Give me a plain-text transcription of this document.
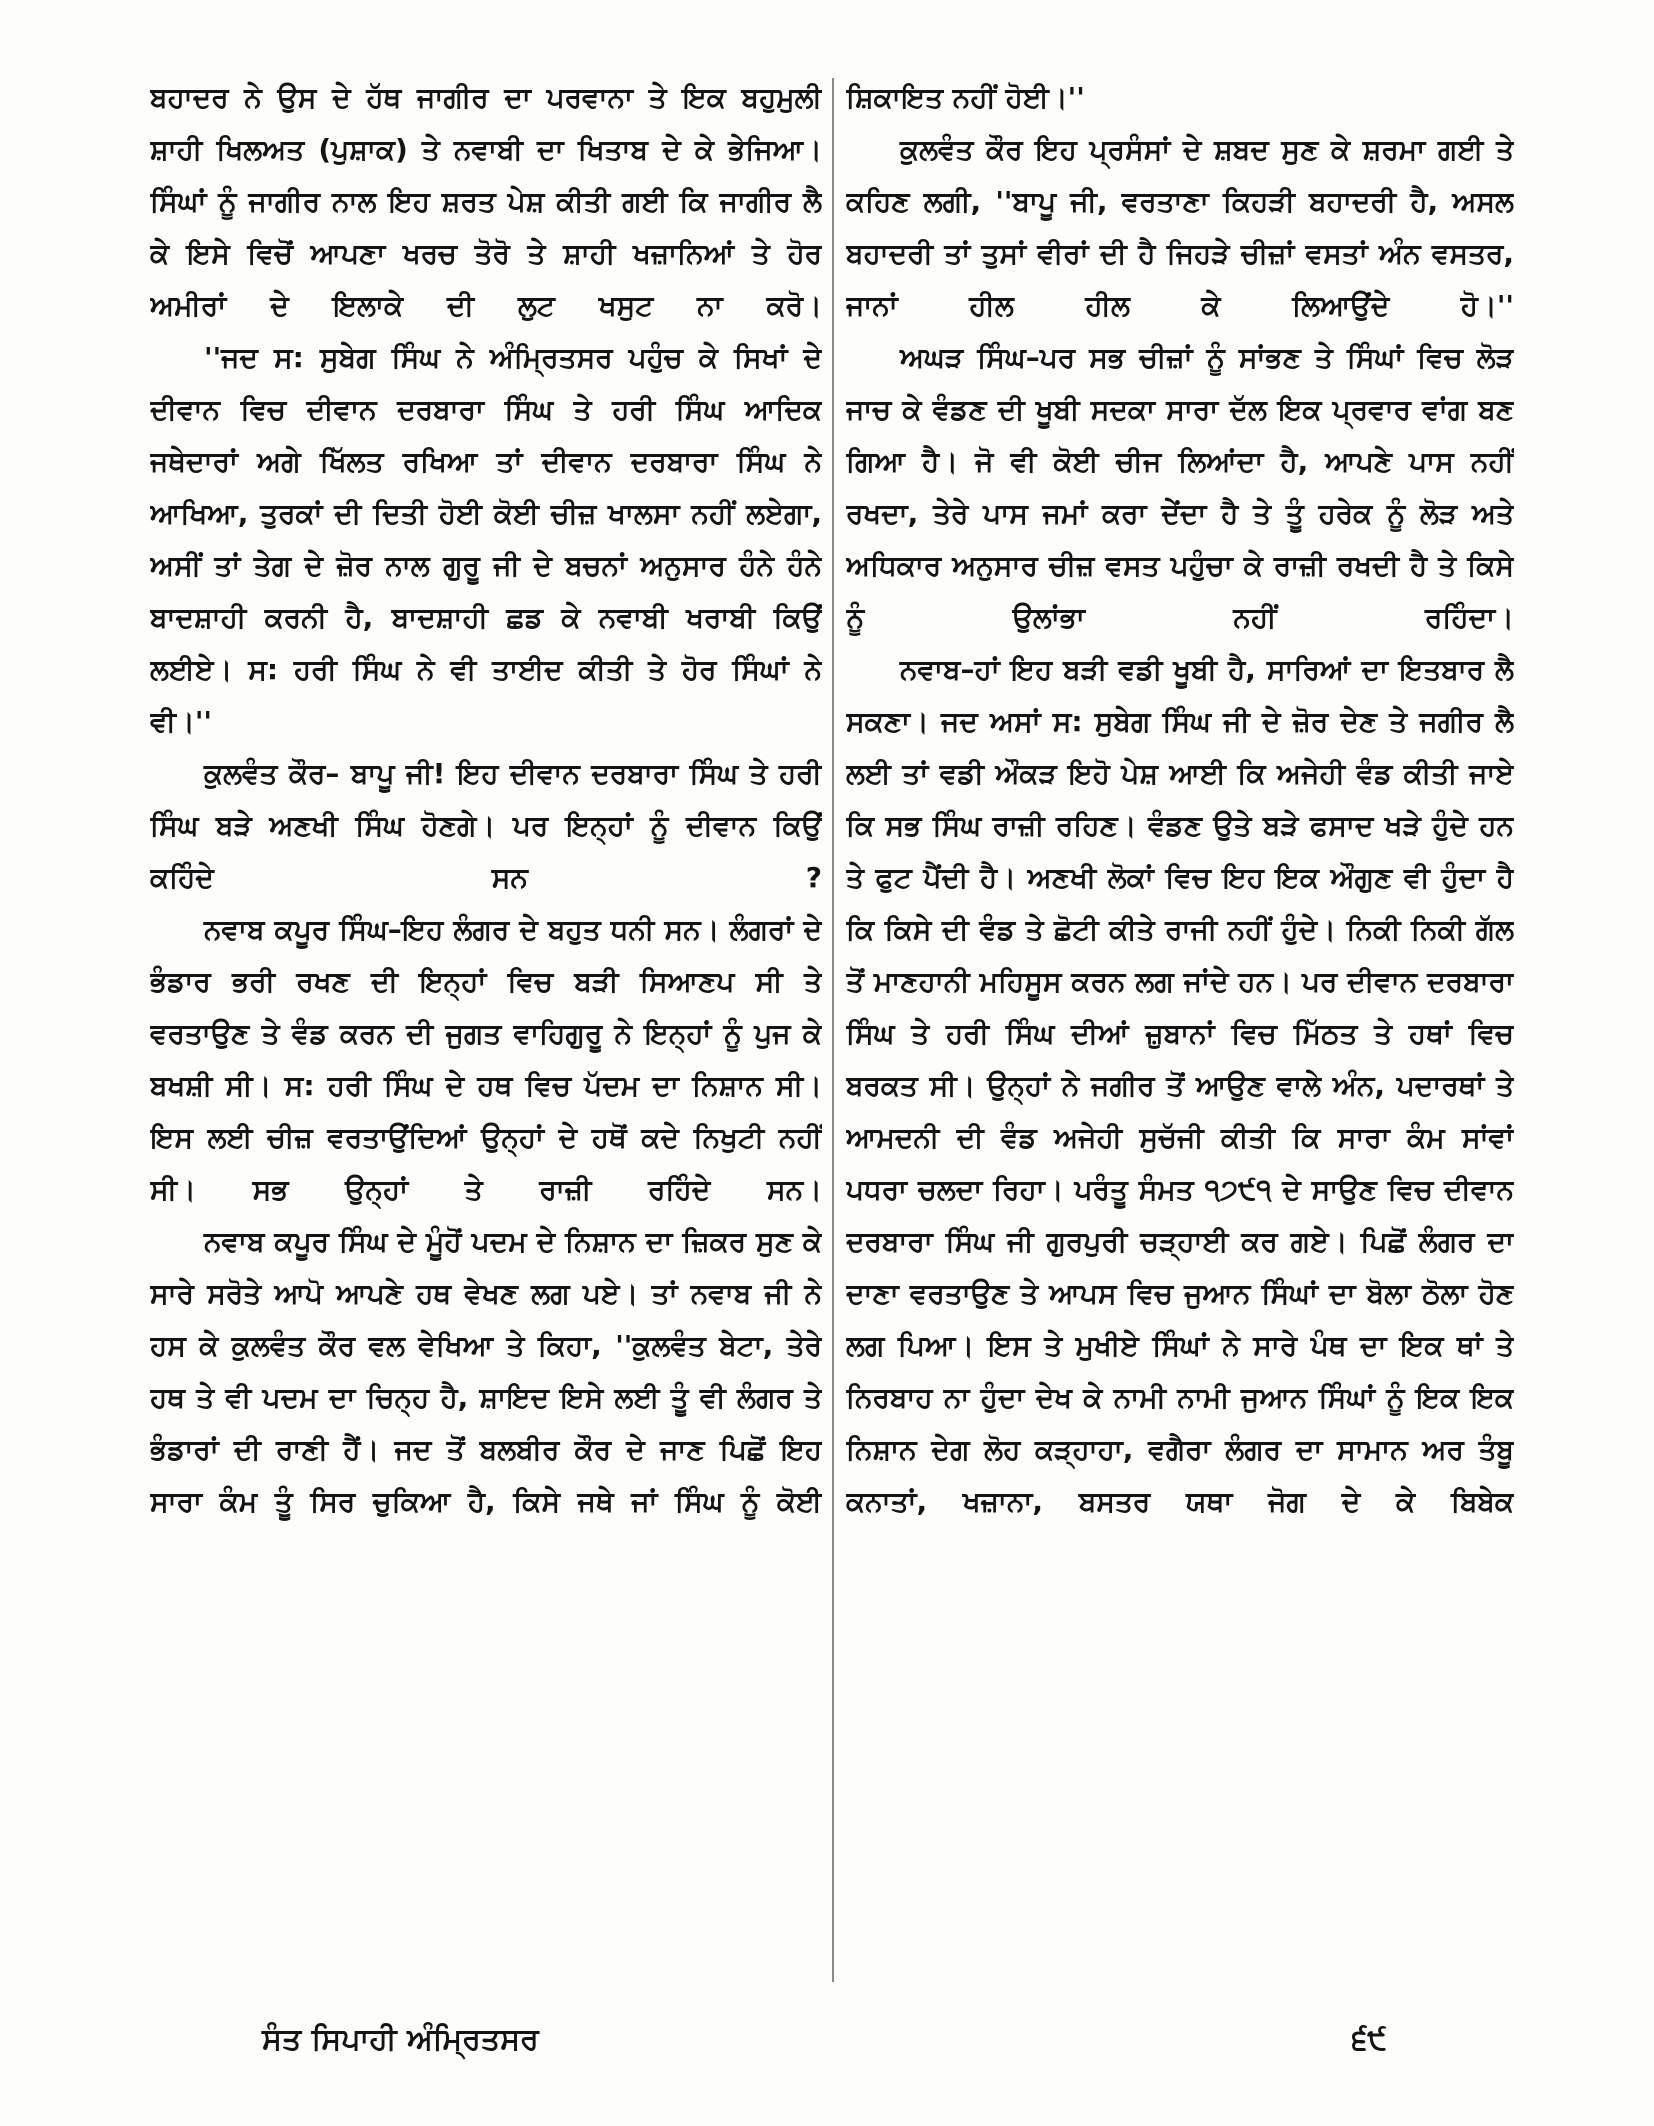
ਬਹਾਦਰ ਨੇ ਉਸ ਦੇ ਹੱਥ ਜਾਗੀਰ ਦਾ ਪਰਵਾਨਾ ਤੇ ਇਕ ਬਹੁਮੁਲੀ ਸ਼ਾਹੀ ਖਿਲਅਤ (ਪੁਸ਼ਾਕ) ਤੇ ਨਵਾਬੀ ਦਾ ਖਿਤਾਬ ਦੇ ਕੇ ਭੇਜਿਆ। ਸਿੰਘਾਂ ਨੂੰ ਜਾਗੀਰ ਨਾਲ ਇਹ ਸ਼ਰਤ ਪੇਸ਼ ਕੀਤੀ ਗਈ ਕਿ ਜਾਗੀਰ ਲੈ ਕੇ ਇਸੇ ਵਿਚੋਂ ਆਪਣਾ ਖਰਚ ਤੋਰੋ ਤੇ ਸ਼ਾਹੀ ਖਜ਼ਾਨਿਆਂ ਤੇ ਹੋਰ ਅਮੀਰਾਂ ਦੇ ਇਲਾਕੇ ਦੀ ਲੁਟ ਖਸੁਟ ਨਾ ਕਰੋ।

''ਜਦ ਸ: ਸੁਬੇਗ ਸਿੰਘ ਨੇ ਅੰਮ੍ਰਿਤਸਰ ਪਹੁੰਚ ਕੇ ਸਿਖਾਂ ਦੇ ਦੀਵਾਨ ਵਿਚ ਦੀਵਾਨ ਦਰਬਾਰਾ ਸਿੰਘ ਤੇ ਹਰੀ ਸਿੰਘ ਆਦਿਕ ਜਥੇਦਾਰਾਂ ਅਗੇ ਖਿੱਲਤ ਰਖਿਆ ਤਾਂ ਦੀਵਾਨ ਦਰਬਾਰਾ ਸਿੰਘ ਨੇ ਆਖਿਆ, ਤੁਰਕਾਂ ਦੀ ਦਿਤੀ ਹੋਈ ਕੋਈ ਚੀਜ਼ ਖਾਲਸਾ ਨਹੀਂ ਲਏਗਾ, ਅਸੀਂ ਤਾਂ ਤੇਗ ਦੇ ਜ਼ੋਰ ਨਾਲ ਗੁਰੂ ਜੀ ਦੇ ਬਚਨਾਂ ਅਨੁਸਾਰ ਹੰਨੇ ਹੰਨੇ ਬਾਦਸ਼ਾਹੀ ਕਰਨੀ ਹੈ, ਬਾਦਸ਼ਾਹੀ ਛਡ ਕੇ ਨਵਾਬੀ ਖਰਾਬੀ ਕਿਉਂ ਲਈਏ। ਸ: ਹਰੀ ਸਿੰਘ ਨੇ ਵੀ ਤਾਈਦ ਕੀਤੀ ਤੇ ਹੋਰ ਸਿੰਘਾਂ ਨੇ ਵੀ।''

ਕੁਲਵੰਤ ਕੌਰ– ਬਾਪੂ ਜੀ! ਇਹ ਦੀਵਾਨ ਦਰਬਾਰਾ ਸਿੰਘ ਤੇ ਹਰੀ ਸਿੰਘ ਬੜੇ ਅਣਖੀ ਸਿੰਘ ਹੋਣਗੇ। ਪਰ ਇਨ੍ਹਾਂ ਨੂੰ ਦੀਵਾਨ ਕਿਉਂ ਕਹਿੰਦੇ ਸਨ ?

ਨਵਾਬ ਕਪੂਰ ਸਿੰਘ–ਇਹ ਲੰਗਰ ਦੇ ਬਹੁਤ ਧਨੀ ਸਨ। ਲੰਗਰਾਂ ਦੇ ਭੰਡਾਰ ਭਰੀ ਰਖਣ ਦੀ ਇਨ੍ਹਾਂ ਵਿਚ ਬੜੀ ਸਿਆਣਪ ਸੀ ਤੇ ਵਰਤਾਉਣ ਤੇ ਵੰਡ ਕਰਨ ਦੀ ਜੁਗਤ ਵਾਹਿਗੁਰੂ ਨੇ ਇਨ੍ਹਾਂ ਨੂੰ ਪੁਜ ਕੇ ਬਖਸ਼ੀ ਸੀ। ਸ: ਹਰੀ ਸਿੰਘ ਦੇ ਹਥ ਵਿਚ ਪੱਦਮ ਦਾ ਨਿਸ਼ਾਨ ਸੀ। ਇਸ ਲਈ ਚੀਜ਼ ਵਰਤਾਉਂਦਿਆਂ ਉਨ੍ਹਾਂ ਦੇ ਹਥੋਂ ਕਦੇ ਨਿਖੁਟੀ ਨਹੀਂ ਸੀ। ਸਭ ਉਨ੍ਹਾਂ ਤੇ ਰਾਜ਼ੀ ਰਹਿੰਦੇ ਸਨ।

ਨਵਾਬ ਕਪੂਰ ਸਿੰਘ ਦੇ ਮੂੰਹੋਂ ਪਦਮ ਦੇ ਨਿਸ਼ਾਨ ਦਾ ਜ਼ਿਕਰ ਸੁਣ ਕੇ ਸਾਰੇ ਸਰੋਤੇ ਆਪੋ ਆਪਣੇ ਹਥ ਵੇਖਣ ਲਗ ਪਏ। ਤਾਂ ਨਵਾਬ ਜੀ ਨੇ ਹਸ ਕੇ ਕੁਲਵੰਤ ਕੌਰ ਵਲ ਵੇਖਿਆ ਤੇ ਕਿਹਾ, ''ਕੁਲਵੰਤ ਬੇਟਾ, ਤੇਰੇ ਹਥ ਤੇ ਵੀ ਪਦਮ ਦਾ ਚਿਨ੍ਹ ਹੈ, ਸ਼ਾਇਦ ਇਸੇ ਲਈ ਤੂੰ ਵੀ ਲੰਗਰ ਤੇ ਭੰਡਾਰਾਂ ਦੀ ਰਾਣੀ ਹੈਂ। ਜਦ ਤੋਂ ਬਲਬੀਰ ਕੌਰ ਦੇ ਜਾਣ ਪਿਛੋਂ ਇਹ ਸਾਰਾ ਕੰਮ ਤੂੰ ਸਿਰ ਚੁਕਿਆ ਹੈ, ਕਿਸੇ ਜਥੇ ਜਾਂ ਸਿੰਘ ਨੂੰ ਕੋਈ

ਸ਼ਿਕਾਇਤ ਨਹੀਂ ਹੋਈ।''

ਕੁਲਵੰਤ ਕੌਰ ਇਹ ਪ੍ਰਸੰਸਾਂ ਦੇ ਸ਼ਬਦ ਸੁਣ ਕੇ ਸ਼ਰਮਾ ਗਈ ਤੇ ਕਹਿਣ ਲਗੀ, ''ਬਾਪੂ ਜੀ, ਵਰਤਾਣਾ ਕਿਹੜੀ ਬਹਾਦਰੀ ਹੈ, ਅਸਲ ਬਹਾਦਰੀ ਤਾਂ ਤੁਸਾਂ ਵੀਰਾਂ ਦੀ ਹੈ ਜਿਹੜੇ ਚੀਜ਼ਾਂ ਵਸਤਾਂ ਅੰਨ ਵਸਤਰ, ਜਾਨਾਂ ਹੀਲ ਹੀਲ ਕੇ ਲਿਆਉਂਦੇ ਹੋ।''

ਅਘੜ ਸਿੰਘ–ਪਰ ਸਭ ਚੀਜ਼ਾਂ ਨੂੰ ਸਾਂਭਣ ਤੇ ਸਿੰਘਾਂ ਵਿਚ ਲੋੜ ਜਾਚ ਕੇ ਵੰਡਣ ਦੀ ਖੂਬੀ ਸਦਕਾ ਸਾਰਾ ਦੱਲ ਇਕ ਪ੍ਰਵਾਰ ਵਾਂਗ ਬਣ ਗਿਆ ਹੈ। ਜੋ ਵੀ ਕੋਈ ਚੀਜ ਲਿਆਂਦਾ ਹੈ, ਆਪਣੇ ਪਾਸ ਨਹੀਂ ਰਖਦਾ, ਤੇਰੇ ਪਾਸ ਜਮਾਂ ਕਰਾ ਦੇਂਦਾ ਹੈ ਤੇ ਤੂੰ ਹਰੇਕ ਨੂੰ ਲੋੜ ਅਤੇ ਅਧਿਕਾਰ ਅਨੁਸਾਰ ਚੀਜ਼ ਵਸਤ ਪਹੁੰਚਾ ਕੇ ਰਾਜ਼ੀ ਰਖਦੀ ਹੈ ਤੇ ਕਿਸੇ ਨੂੰ ਉਲਾਂਭਾ ਨਹੀਂ ਰਹਿੰਦਾ।

ਨਵਾਬ–ਹਾਂ ਇਹ ਬੜੀ ਵਡੀ ਖੂਬੀ ਹੈ, ਸਾਰਿਆਂ ਦਾ ਇਤਬਾਰ ਲੈ ਸਕਣਾ। ਜਦ ਅਸਾਂ ਸ: ਸੁਬੇਗ ਸਿੰਘ ਜੀ ਦੇ ਜ਼ੋਰ ਦੇਣ ਤੇ ਜਗੀਰ ਲੈ ਲਈ ਤਾਂ ਵਡੀ ਔਕੜ ਇਹੋ ਪੇਸ਼ ਆਈ ਕਿ ਅਜੇਹੀ ਵੰਡ ਕੀਤੀ ਜਾਏ ਕਿ ਸਭ ਸਿੰਘ ਰਾਜ਼ੀ ਰਹਿਣ। ਵੰਡਣ ਉਤੇ ਬੜੇ ਫਸਾਦ ਖੜੇ ਹੁੰਦੇ ਹਨ ਤੇ ਫੁਟ ਪੈਂਦੀ ਹੈ। ਅਣਖੀ ਲੋਕਾਂ ਵਿਚ ਇਹ ਇਕ ਔਗੁਣ ਵੀ ਹੁੰਦਾ ਹੈ ਕਿ ਕਿਸੇ ਦੀ ਵੰਡ ਤੇ ਛੋਟੀ ਕੀਤੇ ਰਾਜੀ ਨਹੀਂ ਹੁੰਦੇ। ਨਿਕੀ ਨਿਕੀ ਗੱਲ ਤੋਂ ਮਾਣਹਾਨੀ ਮਹਿਸੂਸ ਕਰਨ ਲਗ ਜਾਂਦੇ ਹਨ। ਪਰ ਦੀਵਾਨ ਦਰਬਾਰਾ ਸਿੰਘ ਤੇ ਹਰੀ ਸਿੰਘ ਦੀਆਂ ਜ਼ੁਬਾਨਾਂ ਵਿਚ ਮਿੱਠਤ ਤੇ ਹਥਾਂ ਵਿਚ ਬਰਕਤ ਸੀ। ਉਨ੍ਹਾਂ ਨੇ ਜਗੀਰ ਤੋਂ ਆਉਣ ਵਾਲੇ ਅੰਨ, ਪਦਾਰਥਾਂ ਤੇ ਆਮਦਨੀ ਦੀ ਵੰਡ ਅਜੇਹੀ ਸੁਚੱਜੀ ਕੀਤੀ ਕਿ ਸਾਰਾ ਕੰਮ ਸਾਂਵਾਂ ਪਧਰਾ ਚਲਦਾ ਰਿਹਾ। ਪਰੰਤੂ ਸੰਮਤ ੧੭੯੧ ਦੇ ਸਾਉਣ ਵਿਚ ਦੀਵਾਨ ਦਰਬਾਰਾ ਸਿੰਘ ਜੀ ਗੁਰਪੁਰੀ ਚੜ੍ਹਾਈ ਕਰ ਗਏ। ਪਿਛੋਂ ਲੰਗਰ ਦਾ ਦਾਣਾ ਵਰਤਾਉਣ ਤੇ ਆਪਸ ਵਿਚ ਜੁਆਨ ਸਿੰਘਾਂ ਦਾ ਬੋਲਾ ਠੋਲਾ ਹੋਣ ਲਗ ਪਿਆ। ਇਸ ਤੇ ਮੁਖੀਏ ਸਿੰਘਾਂ ਨੇ ਸਾਰੇ ਪੰਥ ਦਾ ਇਕ ਥਾਂ ਤੇ ਨਿਰਬਾਹ ਨਾ ਹੁੰਦਾ ਦੇਖ ਕੇ ਨਾਮੀ ਨਾਮੀ ਜੁਆਨ ਸਿੰਘਾਂ ਨੂੰ ਇਕ ਇਕ ਨਿਸ਼ਾਨ ਦੇਗ ਲੋਹ ਕੜ੍ਹਾਹਾ, ਵਗੈਰਾ ਲੰਗਰ ਦਾ ਸਾਮਾਨ ਅਰ ਤੰਬੂ ਕਨਾਤਾਂ, ਖਜ਼ਾਨਾ, ਬਸਤਰ ਯਥਾ ਜੋਗ ਦੇ ਕੇ ਬਿਬੇਕ

ਸੰਤ ਸਿਪਾਹੀ ਅੰਮ੍ਰਿਤਸਰ	੬੯
